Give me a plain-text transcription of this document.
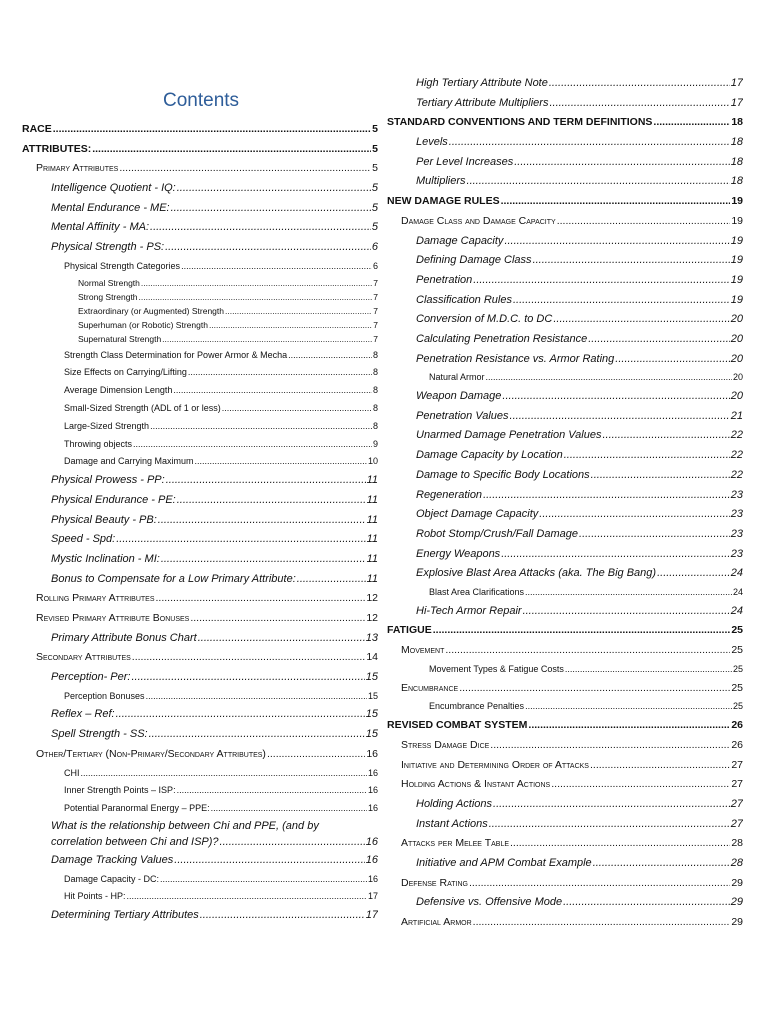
Contents
RACE .....	5
ATTRIBUTES: .....	5
Primary Attributes .....	5
Intelligence Quotient - IQ: .....	5
Mental Endurance - ME: .....	5
Mental Affinity - MA: .....	5
Physical Strength - PS: .....	6
Physical Strength Categories .....	6
Normal Strength .....	7
Strong Strength .....	7
Extraordinary (or Augmented) Strength .....	7
Superhuman (or Robotic) Strength .....	7
Supernatural Strength .....	7
Strength Class Determination for Power Armor & Mecha .....	8
Size Effects on Carrying/Lifting .....	8
Average Dimension Length .....	8
Small-Sized Strength (ADL of 1 or less) .....	8
Large-Sized Strength .....	8
Throwing objects .....	9
Damage and Carrying Maximum .....	10
Physical Prowess - PP: .....	11
Physical Endurance - PE: .....	11
Physical Beauty - PB: .....	11
Speed - Spd: .....	11
Mystic Inclination - MI: .....	11
Bonus to Compensate for a Low Primary Attribute: .....	11
Rolling Primary Attributes .....	12
Revised Primary Attribute Bonuses .....	12
Primary Attribute Bonus Chart .....	13
Secondary Attributes .....	14
Perception- Per: .....	15
Perception Bonuses .....	15
Reflex – Ref: .....	15
Spell Strength - SS: .....	15
Other/Tertiary (Non-Primary/Secondary Attributes) .....	16
CHI .....	16
Inner Strength Points – ISP: .....	16
Potential Paranormal Energy – PPE: .....	16
What is the relationship between Chi and PPE, (and by
correlation between Chi and ISP)? .....	16
Damage Tracking Values .....	16
Damage Capacity - DC: .....	16
Hit Points - HP: .....	17
Determining Tertiary Attributes .....	17
High Tertiary Attribute Note .....	17
Tertiary Attribute Multipliers .....	17
STANDARD CONVENTIONS AND TERM DEFINITIONS .....	18
Levels .....	18
Per Level Increases .....	18
Multipliers .....	18
NEW DAMAGE RULES .....	19
Damage Class and Damage Capacity .....	19
Damage Capacity .....	19
Defining Damage Class .....	19
Penetration .....	19
Classification Rules .....	19
Conversion of M.D.C. to DC .....	20
Calculating Penetration Resistance .....	20
Penetration Resistance vs. Armor Rating .....	20
Natural Armor .....	20
Weapon Damage .....	20
Penetration Values .....	21
Unarmed Damage Penetration Values .....	22
Damage Capacity by Location .....	22
Damage to Specific Body Locations .....	22
Regeneration .....	23
Object Damage Capacity .....	23
Robot Stomp/Crush/Fall Damage .....	23
Energy Weapons .....	23
Explosive Blast Area Attacks (aka. The Big Bang) .....	24
Blast Area Clarifications .....	24
Hi-Tech Armor Repair .....	24
FATIGUE .....	25
Movement .....	25
Movement Types & Fatigue Costs .....	25
Encumbrance .....	25
Encumbrance Penalties .....	25
REVISED COMBAT SYSTEM .....	26
Stress Damage Dice .....	26
Initiative and Determining Order of Attacks .....	27
Holding Actions & Instant Actions .....	27
Holding Actions .....	27
Instant Actions .....	27
Attacks per Melee Table .....	28
Initiative and APM Combat Example .....	28
Defense Rating .....	29
Defensive vs. Offensive Mode .....	29
Artificial Armor .....	29
